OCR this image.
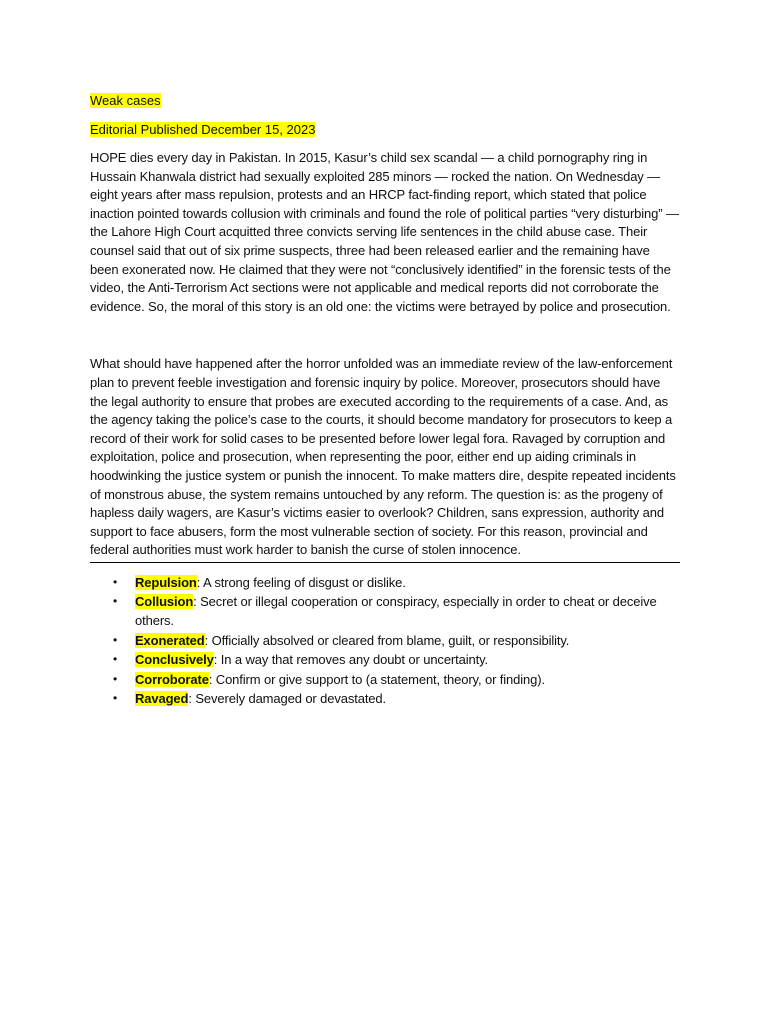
Weak cases
Editorial Published December 15, 2023

HOPE dies every day in Pakistan. In 2015, Kasur’s child sex scandal — a child pornography ring in Hussain Khanwala district had sexually exploited 285 minors — rocked the nation. On Wednesday — eight years after mass repulsion, protests and an HRCP fact-finding report, which stated that police inaction pointed towards collusion with criminals and found the role of political parties “very disturbing” — the Lahore High Court acquitted three convicts serving life sentences in the child abuse case. Their counsel said that out of six prime suspects, three had been released earlier and the remaining have been exonerated now. He claimed that they were not “conclusively identified” in the forensic tests of the video, the Anti-Terrorism Act sections were not applicable and medical reports did not corroborate the evidence. So, the moral of this story is an old one: the victims were betrayed by police and prosecution.

What should have happened after the horror unfolded was an immediate review of the law-enforcement plan to prevent feeble investigation and forensic inquiry by police. Moreover, prosecutors should have the legal authority to ensure that probes are executed according to the requirements of a case. And, as the agency taking the police’s case to the courts, it should become mandatory for prosecutors to keep a record of their work for solid cases to be presented before lower legal fora. Ravaged by corruption and exploitation, police and prosecution, when representing the poor, either end up aiding criminals in hoodwinking the justice system or punish the innocent. To make matters dire, despite repeated incidents of monstrous abuse, the system remains untouched by any reform. The question is: as the progeny of hapless daily wagers, are Kasur’s victims easier to overlook? Children, sans expression, authority and support to face abusers, form the most vulnerable section of society. For this reason, provincial and federal authorities must work harder to banish the curse of stolen innocence.

• Repulsion: A strong feeling of disgust or dislike.
• Collusion: Secret or illegal cooperation or conspiracy, especially in order to cheat or deceive others.
• Exonerated: Officially absolved or cleared from blame, guilt, or responsibility.
• Conclusively: In a way that removes any doubt or uncertainty.
• Corroborate: Confirm or give support to (a statement, theory, or finding).
• Ravaged: Severely damaged or devastated.
